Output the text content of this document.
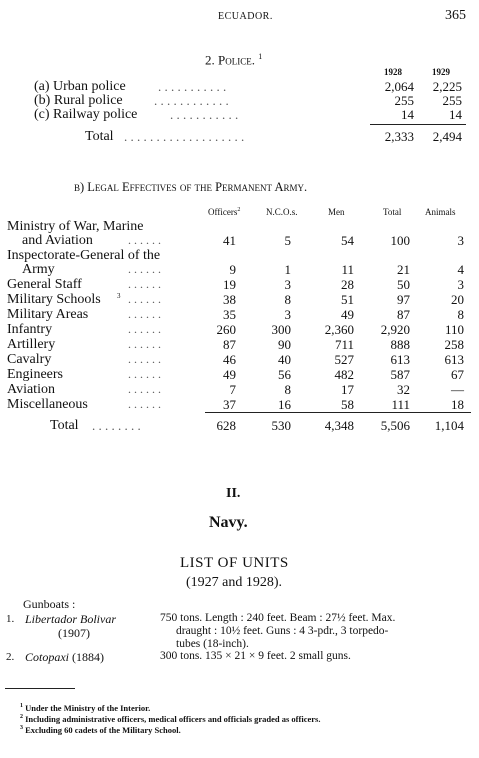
ECUADOR.	365
2. Police. $^1$
1928	1929
(a) Urban police . . . . . . . . . . .	2,064	2,225
(b) Rural police . . . . . . . . . . . .	255	255
(c) Railway police	. . . . . . . . . . .	14	14
Total . . . . . . . . . . . . . . . . . . .	2,333	2,494
b) Legal Effectives of the Permanent Army.
Officers$^2$	N.C.O.s.	Men	Total	Animals
Ministry of War, Marine
and Aviation	. . . . . .	41	5	54	100	3
Inspectorate-General of the
Army	. . . . . .	9	1	11	21	4
General Staff	. . . . . .	19	3	28	50	3
Military Schools 3 . . . . . .	38	8	51	97	20
Military Areas	. . . . . .	35	3	49	87	8
Infantry	. . . . . .	260	300	2,360	2,920	110
Artillery	. . . . . .	87	90	711	888	258
Cavalry	. . . . . .	46	40	527	613	613
Engineers	. . . . . .	49	56	482	587	67
Aviation	. . . . . .	7	8	17	32	—
Miscellaneous	. . . . . .	37	16	58	111	18
Total . . . . . . . .	628	530	4,348	5,506	1,104
II.
Navy.
LIST OF UNITS
(1927 and 1928).
Gunboats :
1. Libertador Bolivar
(1907)
750 tons. Length : 240 feet. Beam : 27½ feet. Max.
draught : 10½ feet. Guns : 4 3-pdr., 3 torpedo-
tubes (18-inch).
2. Cotopaxi (1884)	300 tons. 135 × 21 × 9 feet. 2 small guns.
$^1$ Under the Ministry of the Interior.
$^2$ Including administrative officers, medical officers and officials graded as officers.
$^3$ Excluding 60 cadets of the Military School.
